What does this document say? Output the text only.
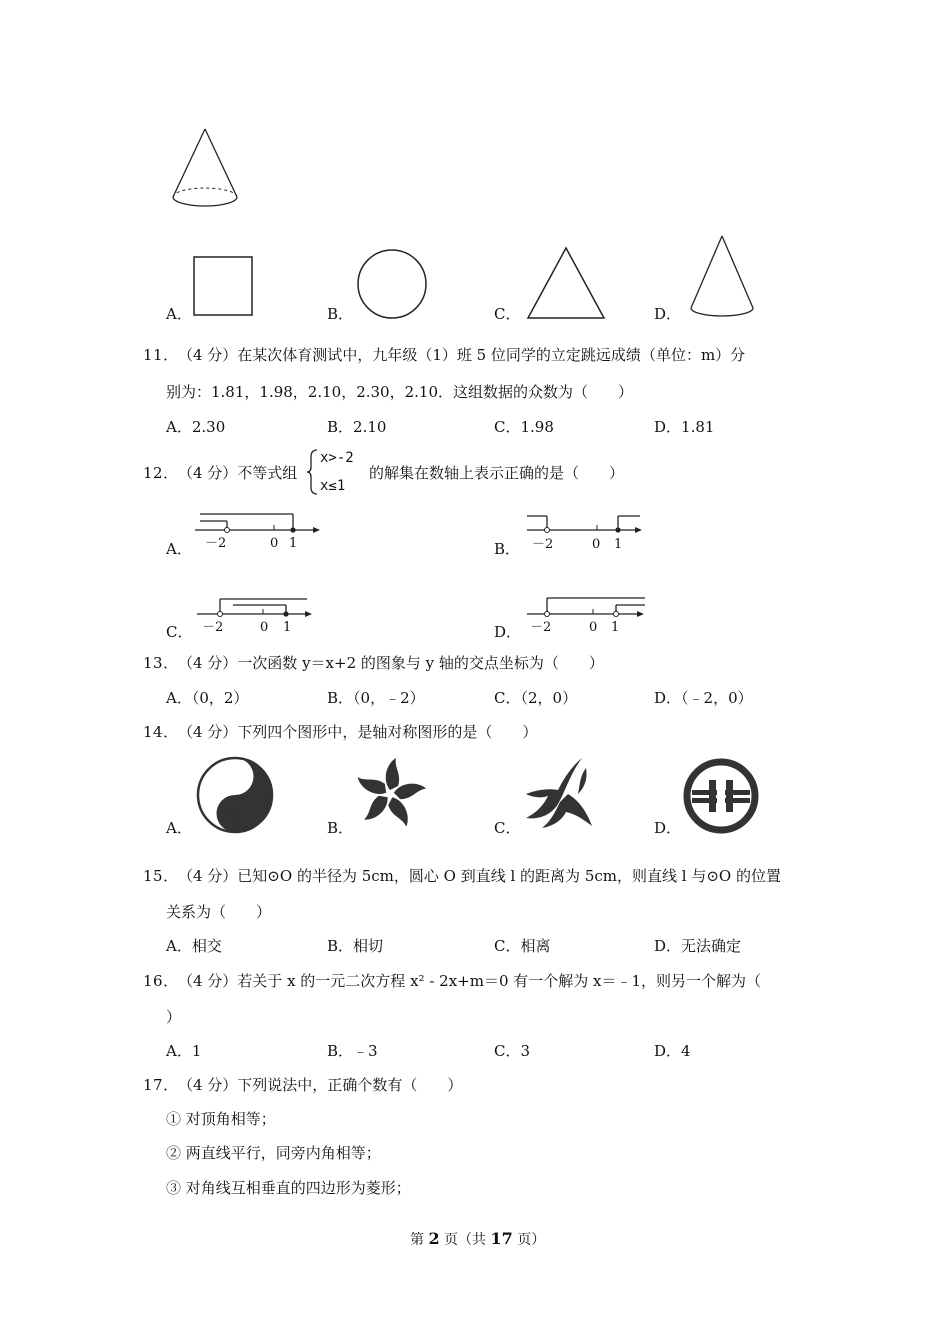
A．	B．	C．	D．
11． （4 分）在某次体育测试中，九年级（1）班 5 位同学的立定跳远成绩（单位：m）分
别为：1.81，1.98，2.10，2.30，2.10．这组数据的众数为（　　）
A．2.30	B．2.10	C．1.98	D．1.81
12． （4 分）不等式组
x>-2
x≤1
的解集在数轴上表示正确的是（　　）
A． －2	0 1	B． －2	0 1
C． －2	0 1	D． －2	0 1
13． （4 分）一次函数 y＝x+2 的图象与 y 轴的交点坐标为（　　）
A．（0，2）	B．（0，﹣2）	C．（2，0）	D．（﹣2，0）
14． （4 分）下列四个图形中，是轴对称图形的是（　　）
A．	B．	C．	D．
15． （4 分）已知⊙O 的半径为 5cm，圆心 O 到直线 l 的距离为 5cm，则直线 l 与⊙O 的位置
关系为（　　）
A．相交	B．相切	C．相离	D．无法确定
16． （4 分）若关于 x 的一元二次方程 x² - 2x+m＝0 有一个解为 x＝﹣1，则另一个解为（
）
A．1	B．﹣3	C．3	D．4
17． （4 分）下列说法中，正确个数有（　　）
① 对顶角相等；
② 两直线平行，同旁内角相等；
③ 对角线互相垂直的四边形为菱形；
第 2 页（共 17 页）
